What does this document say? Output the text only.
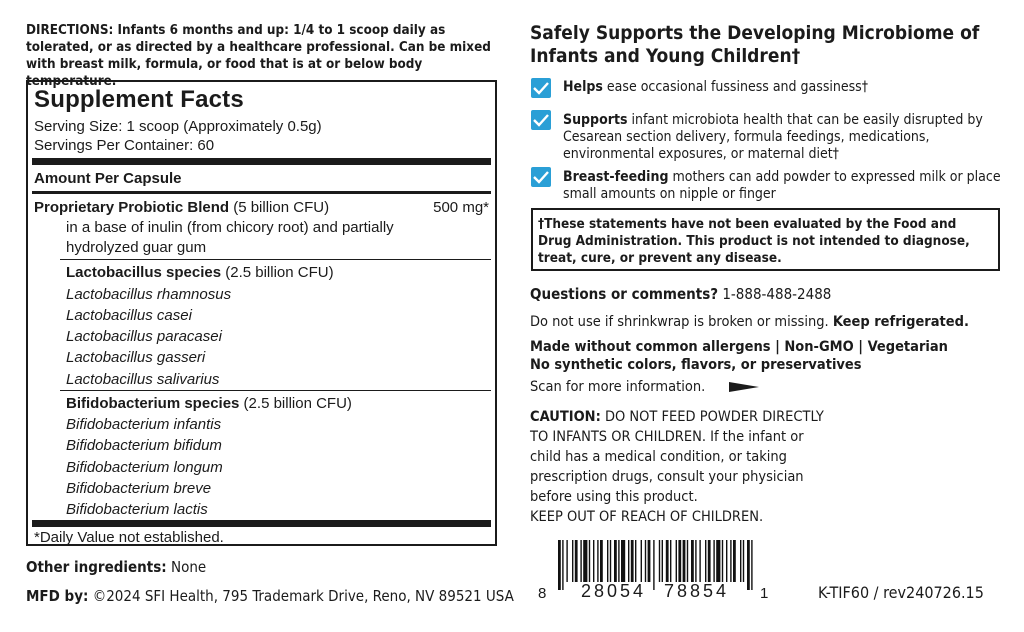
DIRECTIONS: Infants 6 months and up: 1/4 to 1 scoop daily as tolerated, or as directed by a healthcare professional. Can be mixed with breast milk, formula, or food that is at or below body temperature.
Supplement Facts
Serving Size: 1 scoop (Approximately 0.5g)
Servings Per Container: 60
Amount Per Capsule
Proprietary Probiotic Blend (5 billion CFU)	500 mg*
in a base of inulin (from chicory root) and partially
hydrolyzed guar gum
Lactobacillus species (2.5 billion CFU)
Lactobacillus rhamnosus
Lactobacillus casei
Lactobacillus paracasei
Lactobacillus gasseri
Lactobacillus salivarius
Bifidobacterium species (2.5 billion CFU)
Bifidobacterium infantis
Bifidobacterium bifidum
Bifidobacterium longum
Bifidobacterium breve
Bifidobacterium lactis
*Daily Value not established.
Other ingredients: None
MFD by: ©2024 SFI Health, 795 Trademark Drive, Reno, NV 89521 USA
Safely Supports the Developing Microbiome of Infants and Young Children†
Helps ease occasional fussiness and gassiness†
Supports infant microbiota health that can be easily disrupted by Cesarean section delivery, formula feedings, medications, environmental exposures, or maternal diet†
Breast-feeding mothers can add powder to expressed milk or place small amounts on nipple or finger
†These statements have not been evaluated by the Food and Drug Administration. This product is not intended to diagnose, treat, cure, or prevent any disease.
Questions or comments? 1-888-488-2488
Do not use if shrinkwrap is broken or missing. Keep refrigerated.
Made without common allergens | Non-GMO | Vegetarian
No synthetic colors, flavors, or preservatives
Scan for more information.
CAUTION: DO NOT FEED POWDER DIRECTLY
TO INFANTS OR CHILDREN. If the infant or
child has a medical condition, or taking
prescription drugs, consult your physician
before using this product.
KEEP OUT OF REACH OF CHILDREN.
8 28054 78854 1	K-TIF60 / rev240726.15
